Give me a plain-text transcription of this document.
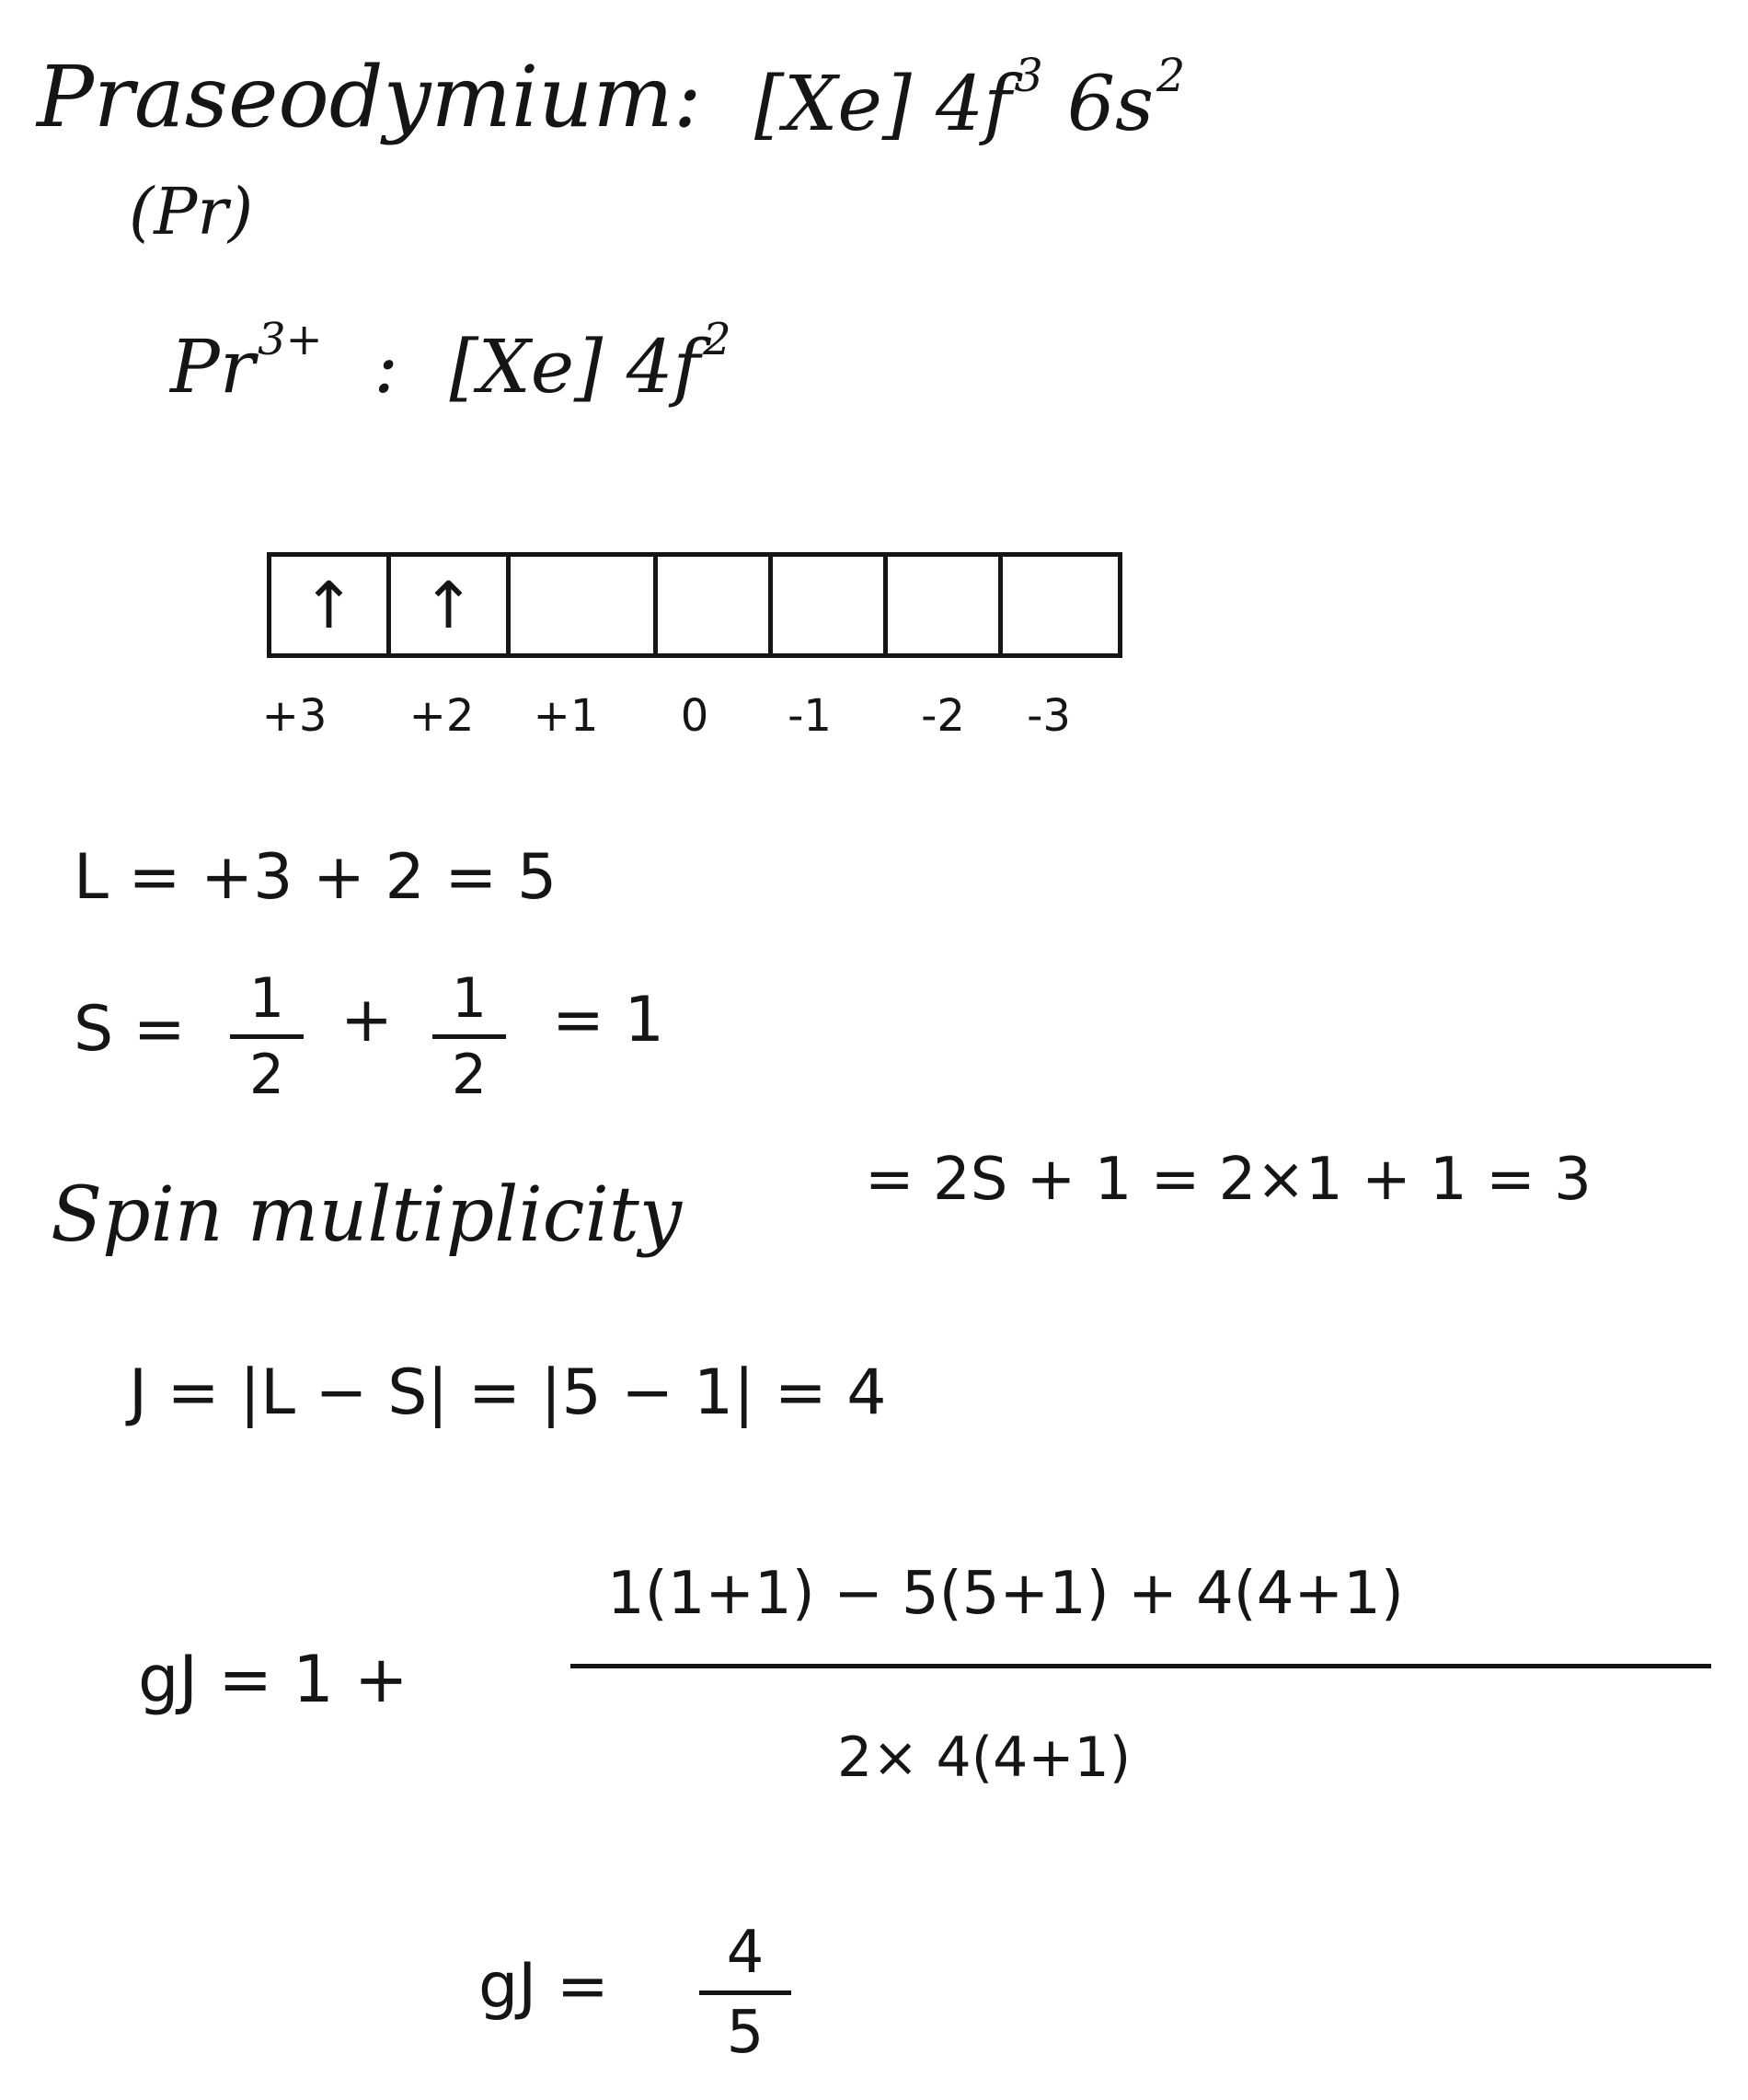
Praseodymium: [Xe] $4f^3$ $6s^2$
(Pr)
$Pr^{3+}$ : [Xe] $4f^2$
↑	↑
+3 +2 +1 0 -1 -2 -3
L = +3 + 2 = 5
S =	1
2
+	1
2
= 1
Spin multiplicity	= 2S + 1 = 2×1 + 1 = 3
J = |L − S| = |5 − 1| = 4
gJ = 1 +
1(1+1) − 5(5+1) + 4(4+1)
2× 4(4+1)
gJ =	4
5
